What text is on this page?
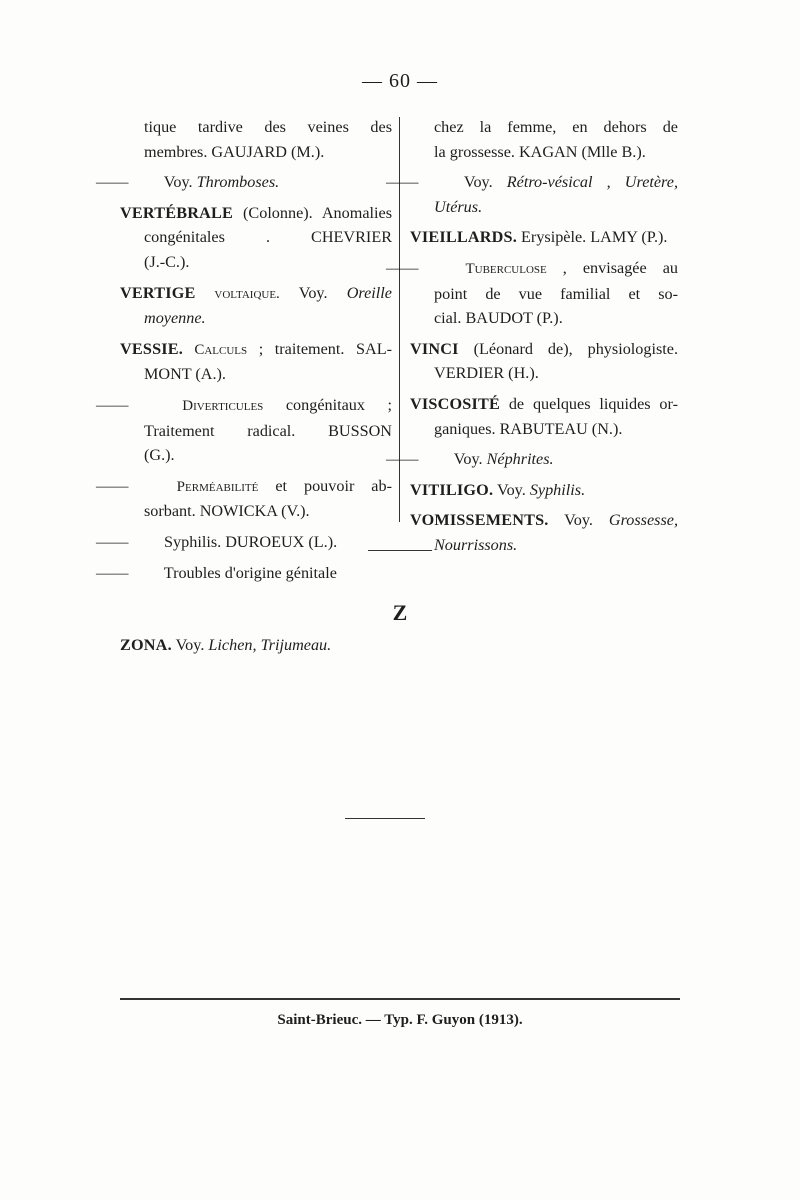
— 60 —
tique tardive des veines des
membres. GAUJARD (M.).
—— Voy. Thromboses.
VERTÉBRALE (Colonne). Anomalies
congénitales . CHEVRIER
(J.-C.).
VERTIGE voltaique. Voy. Oreille
moyenne.
VESSIE. Calculs ; traitement. SAL-
MONT (A.).
—— Diverticules congénitaux ;
Traitement radical. BUSSON
(G.).
—— Perméabilité et pouvoir ab-
sorbant. NOWICKA (V.).
—— Syphilis. DUROEUX (L.).
—— Troubles d'origine génitale
chez la femme, en dehors de
la grossesse. KAGAN (Mlle B.).
—— Voy. Rétro-vésical , Uretère,
Utérus.
VIEILLARDS. Erysipèle. LAMY (P.).
—— Tuberculose , envisagée au
point de vue familial et so-
cial. BAUDOT (P.).
VINCI (Léonard de), physiologiste.
VERDIER (H.).
VISCOSITÉ de quelques liquides or-
ganiques. RABUTEAU (N.).
—— Voy. Néphrites.
VITILIGO. Voy. Syphilis.
VOMISSEMENTS. Voy. Grossesse,
Nourrissons.
Z
ZONA. Voy. Lichen, Trijumeau.
Saint-Brieuc. — Typ. F. Guyon (1913).
